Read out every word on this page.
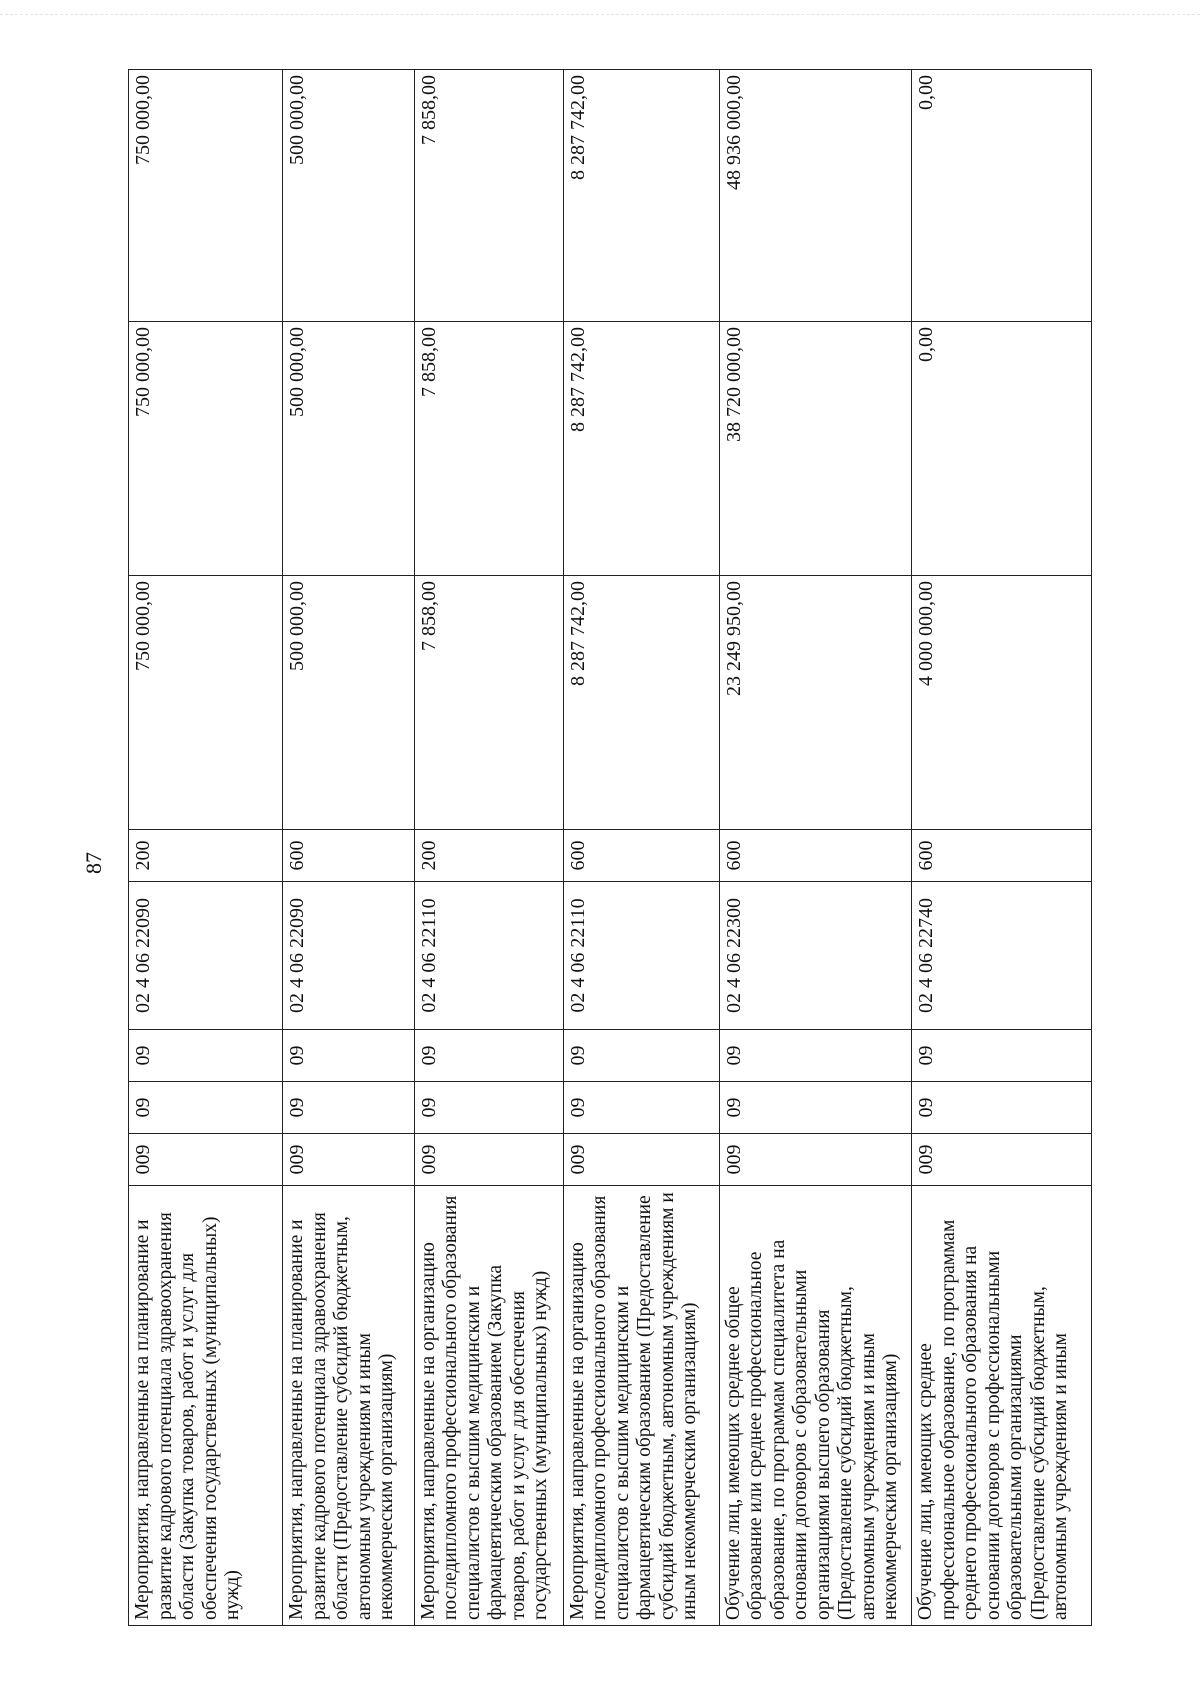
87
Мероприятия, направленные на планирование и развитие кадрового потенциала здравоохранения области (Закупка товаров, работ и услуг для обеспечения государственных (муниципальных) нужд)	009	09	09	02 4 06 22090	200	750 000,00	750 000,00	750 000,00
Мероприятия, направленные на планирование и развитие кадрового потенциала здравоохранения области (Предоставление субсидий бюджетным, автономным учреждениям и иным некоммерческим организациям)	009	09	09	02 4 06 22090	600	500 000,00	500 000,00	500 000,00
Мероприятия, направленные на организацию последипломного профессионального образования специалистов с высшим медицинским и фармацевтическим образованием (Закупка товаров, работ и услуг для обеспечения государственных (муниципальных) нужд)	009	09	09	02 4 06 22110	200	7 858,00	7 858,00	7 858,00
Мероприятия, направленные на организацию последипломного профессионального образования специалистов с высшим медицинским и фармацевтическим образованием (Предоставление субсидий бюджетным, автономным учреждениям и иным некоммерческим организациям)	009	09	09	02 4 06 22110	600	8 287 742,00	8 287 742,00	8 287 742,00
Обучение лиц, имеющих среднее общее образование или среднее профессиональное образование, по программам специалитета на основании договоров с образовательными организациями высшего образования (Предоставление субсидий бюджетным, автономным учреждениям и иным некоммерческим организациям)	009	09	09	02 4 06 22300	600	23 249 950,00	38 720 000,00	48 936 000,00
Обучение лиц, имеющих среднее профессиональное образование, по программам среднего профессионального образования на основании договоров с профессиональными образовательными организациями (Предоставление субсидий бюджетным, автономным учреждениям и иным	009	09	09	02 4 06 22740	600	4 000 000,00	0,00	0,00
